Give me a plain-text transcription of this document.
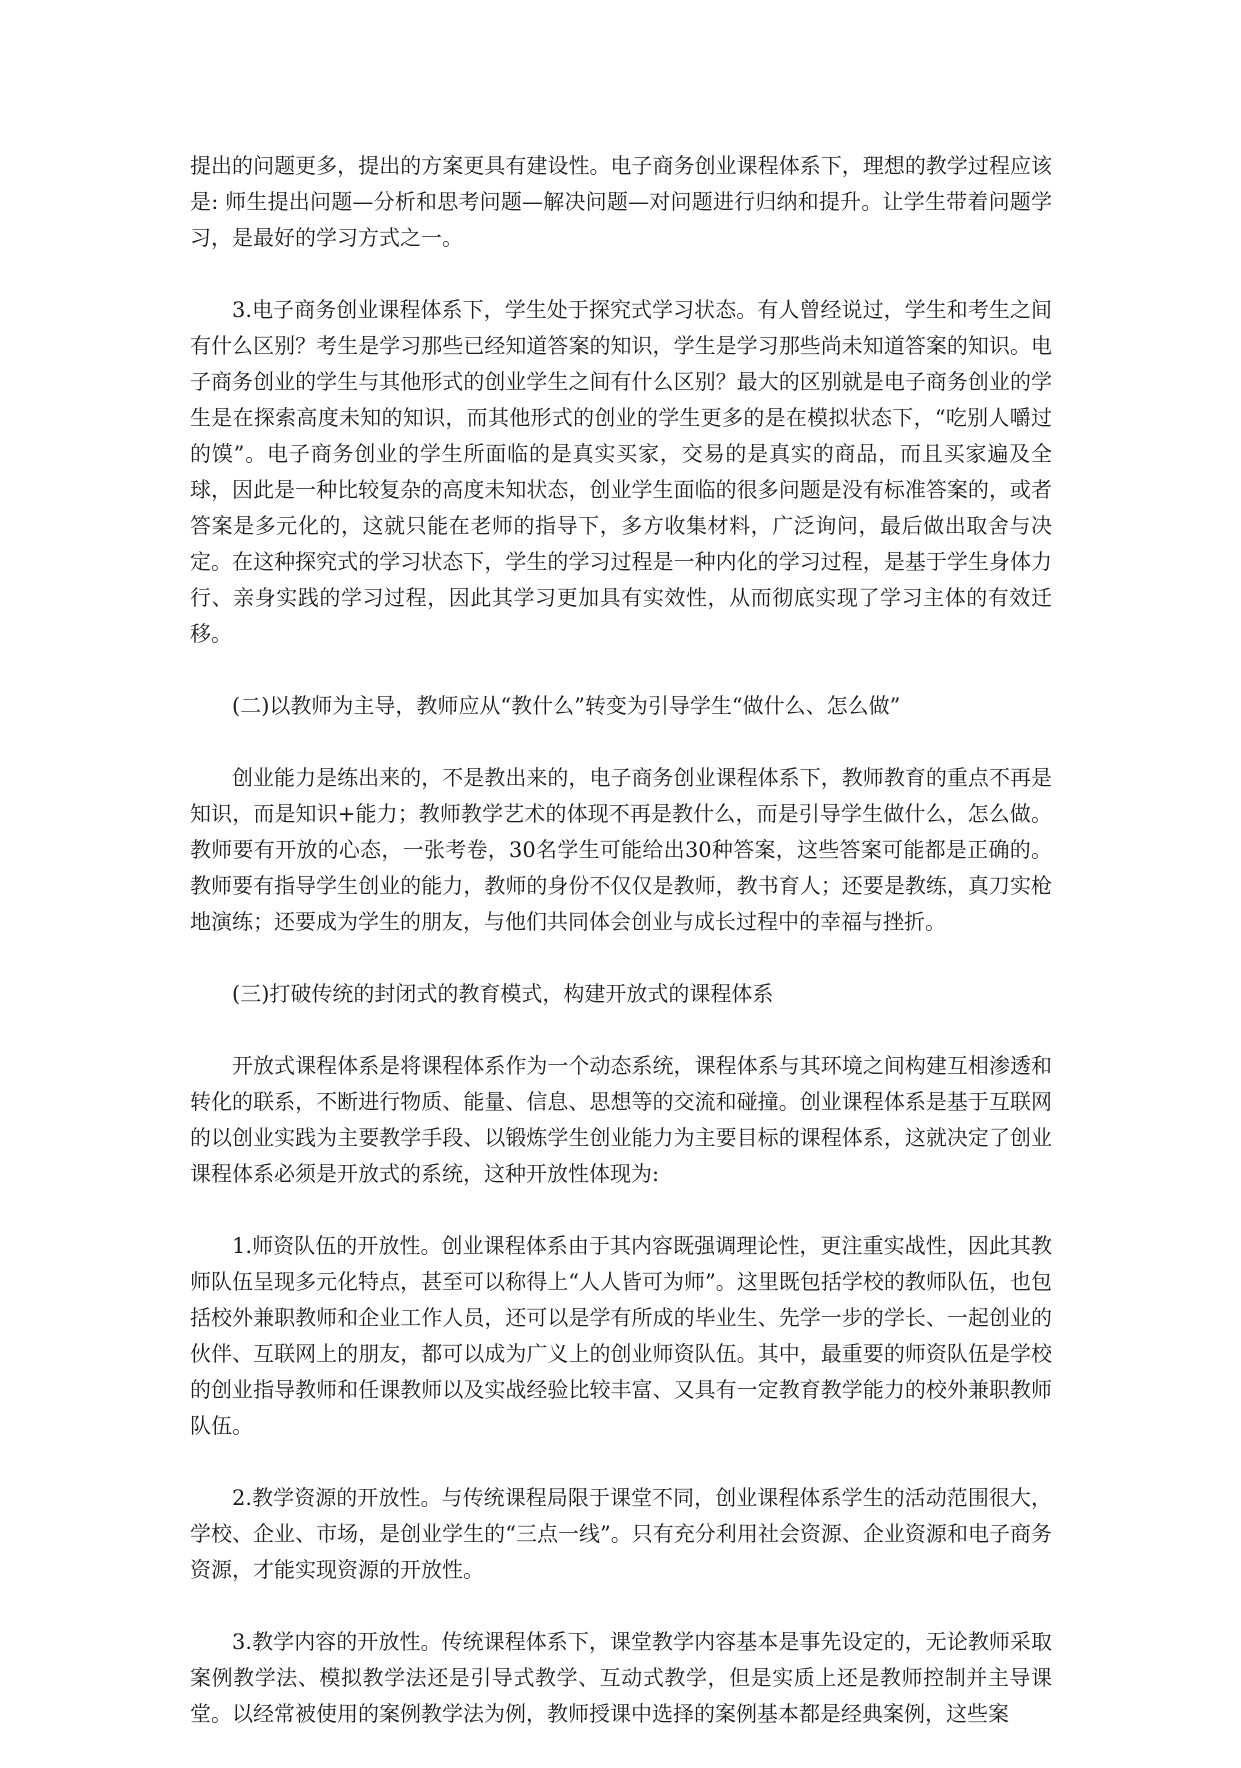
提出的问题更多，提出的方案更具有建设性。电子商务创业课程体系下，理想的教学过程应该是: 师生提出问题—分析和思考问题—解决问题—对问题进行归纳和提升。让学生带着问题学习，是最好的学习方式之一。

3.电子商务创业课程体系下，学生处于探究式学习状态。有人曾经说过，学生和考生之间有什么区别？考生是学习那些已经知道答案的知识，学生是学习那些尚未知道答案的知识。电子商务创业的学生与其他形式的创业学生之间有什么区别？最大的区别就是电子商务创业的学生是在探索高度未知的知识，而其他形式的创业的学生更多的是在模拟状态下，“吃别人嚼过的馍”。电子商务创业的学生所面临的是真实买家，交易的是真实的商品，而且买家遍及全球，因此是一种比较复杂的高度未知状态，创业学生面临的很多问题是没有标准答案的，或者答案是多元化的，这就只能在老师的指导下，多方收集材料，广泛询问，最后做出取舍与决定。在这种探究式的学习状态下，学生的学习过程是一种内化的学习过程，是基于学生身体力行、亲身实践的学习过程，因此其学习更加具有实效性，从而彻底实现了学习主体的有效迁移。

(二)以教师为主导，教师应从“教什么”转变为引导学生“做什么、怎么做”

创业能力是练出来的，不是教出来的，电子商务创业课程体系下，教师教育的重点不再是知识，而是知识+能力；教师教学艺术的体现不再是教什么，而是引导学生做什么，怎么做。教师要有开放的心态，一张考卷，30名学生可能给出30种答案，这些答案可能都是正确的。教师要有指导学生创业的能力，教师的身份不仅仅是教师，教书育人；还要是教练，真刀实枪地演练；还要成为学生的朋友，与他们共同体会创业与成长过程中的幸福与挫折。

(三)打破传统的封闭式的教育模式，构建开放式的课程体系

开放式课程体系是将课程体系作为一个动态系统，课程体系与其环境之间构建互相渗透和转化的联系，不断进行物质、能量、信息、思想等的交流和碰撞。创业课程体系是基于互联网的以创业实践为主要教学手段、以锻炼学生创业能力为主要目标的课程体系，这就决定了创业课程体系必须是开放式的系统，这种开放性体现为:

1.师资队伍的开放性。创业课程体系由于其内容既强调理论性，更注重实战性，因此其教师队伍呈现多元化特点，甚至可以称得上“人人皆可为师”。这里既包括学校的教师队伍，也包括校外兼职教师和企业工作人员，还可以是学有所成的毕业生、先学一步的学长、一起创业的伙伴、互联网上的朋友，都可以成为广义上的创业师资队伍。其中，最重要的师资队伍是学校的创业指导教师和任课教师以及实战经验比较丰富、又具有一定教育教学能力的校外兼职教师队伍。

2.教学资源的开放性。与传统课程局限于课堂不同，创业课程体系学生的活动范围很大，学校、企业、市场，是创业学生的“三点一线”。只有充分利用社会资源、企业资源和电子商务资源，才能实现资源的开放性。

3.教学内容的开放性。传统课程体系下，课堂教学内容基本是事先设定的，无论教师采取案例教学法、模拟教学法还是引导式教学、互动式教学，但是实质上还是教师控制并主导课堂。以经常被使用的案例教学法为例，教师授课中选择的案例基本都是经典案例，这些案
